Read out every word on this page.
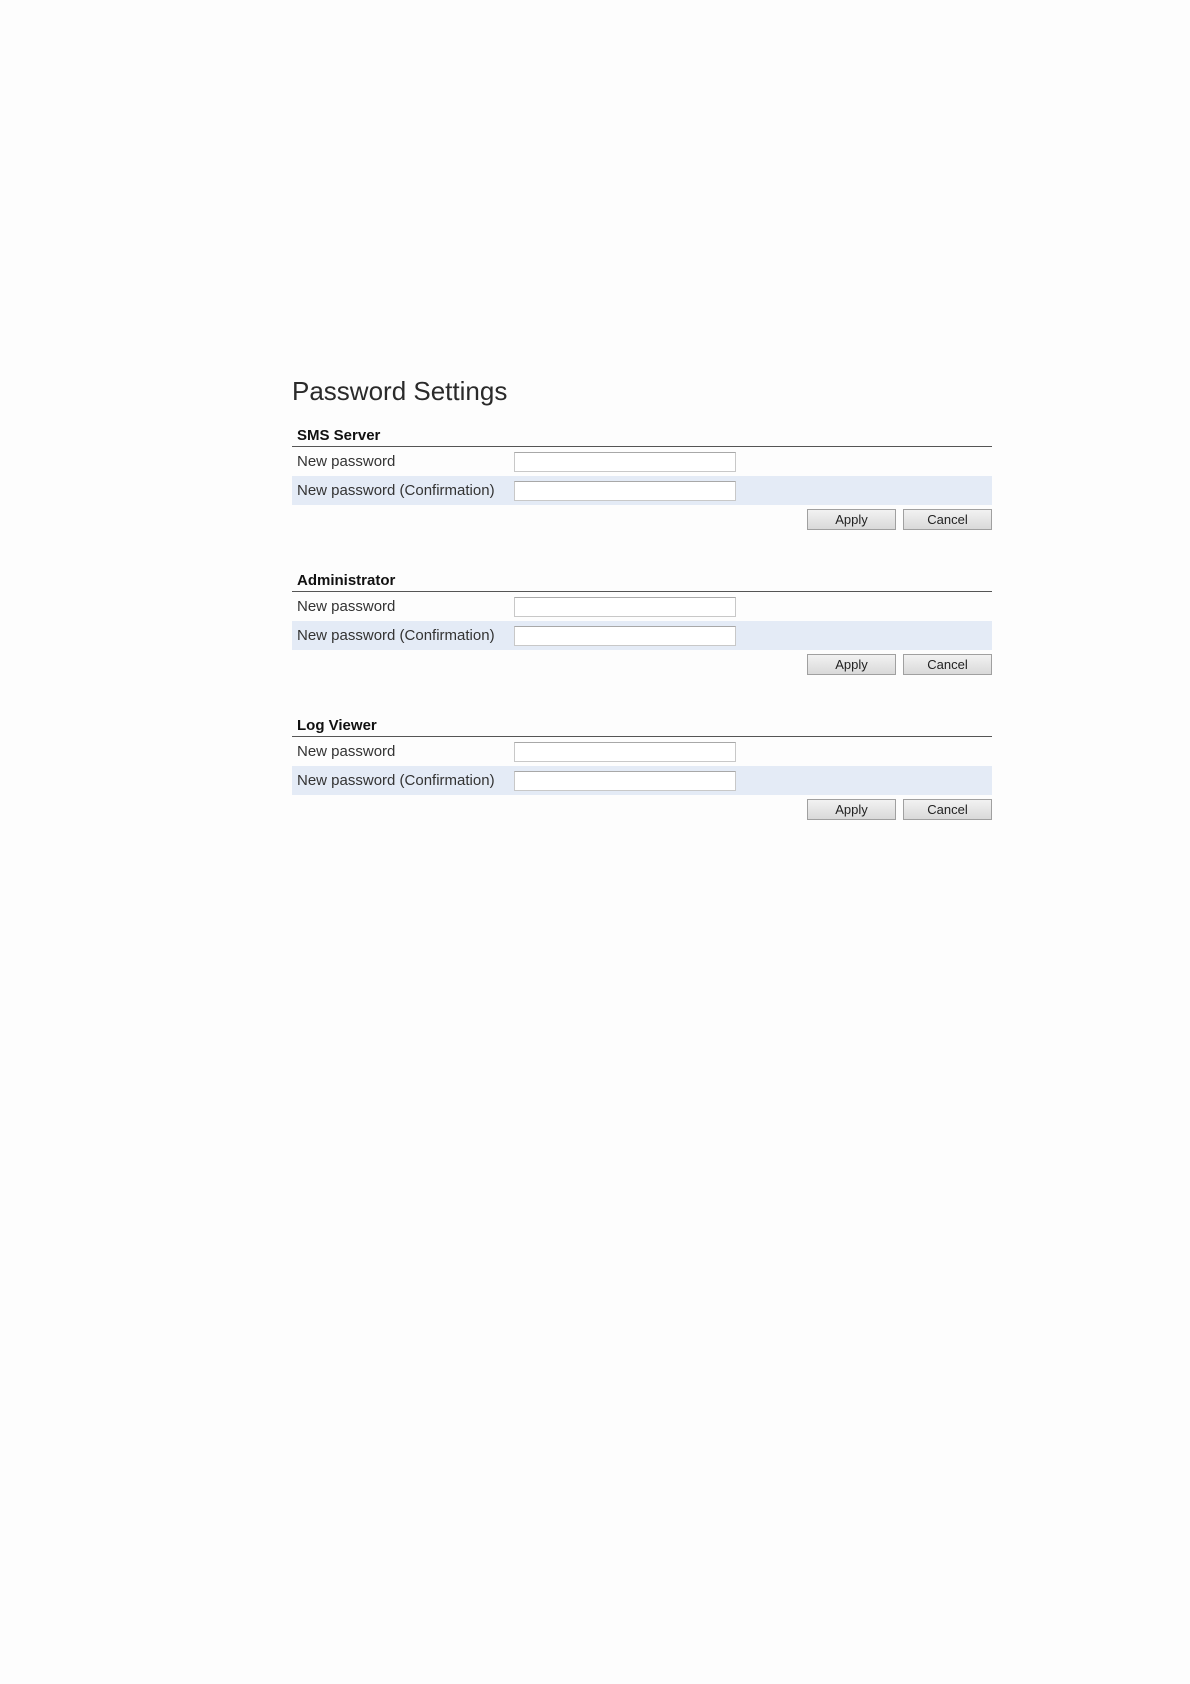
Password Settings
SMS Server
New password
New password (Confirmation)
Apply	Cancel
Administrator
New password
New password (Confirmation)
Apply	Cancel
Log Viewer
New password
New password (Confirmation)
Apply	Cancel
